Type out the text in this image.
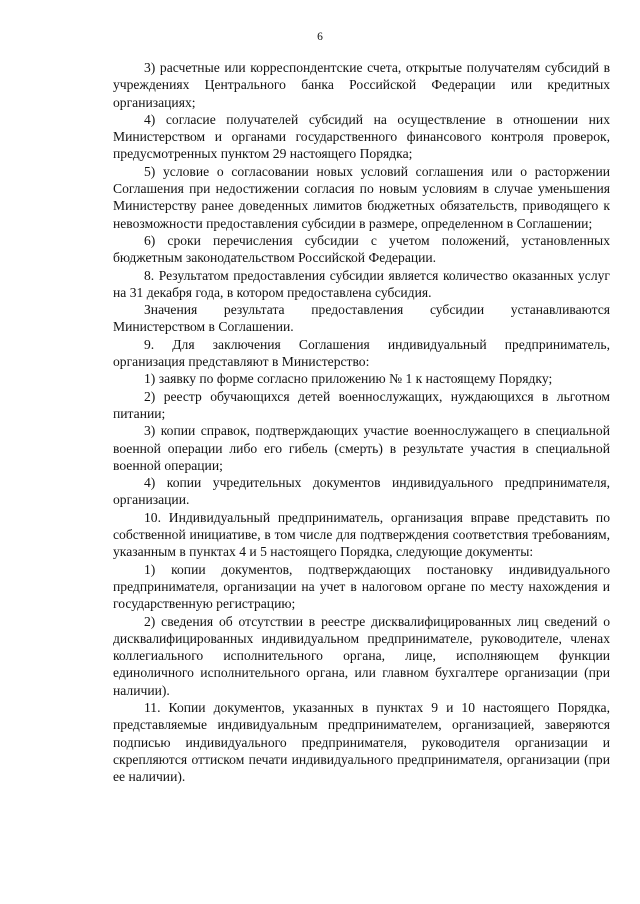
6

3) расчетные или корреспондентские счета, открытые получателям субсидий в учреждениях Центрального банка Российской Федерации или кредитных организациях;

4) согласие получателей субсидий на осуществление в отношении них Министерством и органами государственного финансового контроля проверок, предусмотренных пунктом 29 настоящего Порядка;

5) условие о согласовании новых условий соглашения или о расторжении Соглашения при недостижении согласия по новым условиям в случае уменьшения Министерству ранее доведенных лимитов бюджетных обязательств, приводящего к невозможности предоставления субсидии в размере, определенном в Соглашении;

6) сроки перечисления субсидии с учетом положений, установленных бюджетным законодательством Российской Федерации.

8. Результатом предоставления субсидии является количество оказанных услуг на 31 декабря года, в котором предоставлена субсидия.

Значения результата предоставления субсидии устанавливаются Министерством в Соглашении.

9. Для заключения Соглашения индивидуальный предприниматель, организация представляют в Министерство:

1) заявку по форме согласно приложению № 1 к настоящему Порядку;

2) реестр обучающихся детей военнослужащих, нуждающихся в льготном питании;

3) копии справок, подтверждающих участие военнослужащего в специальной военной операции либо его гибель (смерть) в результате участия в специальной военной операции;

4) копии учредительных документов индивидуального предпринимателя, организации.

10. Индивидуальный предприниматель, организация вправе представить по собственной инициативе, в том числе для подтверждения соответствия требованиям, указанным в пунктах 4 и 5 настоящего Порядка, следующие документы:

1) копии документов, подтверждающих постановку индивидуального предпринимателя, организации на учет в налоговом органе по месту нахождения и государственную регистрацию;

2) сведения об отсутствии в реестре дисквалифицированных лиц сведений о дисквалифицированных индивидуальном предпринимателе, руководителе, членах коллегиального исполнительного органа, лице, исполняющем функции единоличного исполнительного органа, или главном бухгалтере организации (при наличии).

11. Копии документов, указанных в пунктах 9 и 10 настоящего Порядка, представляемые индивидуальным предпринимателем, организацией, заверяются подписью индивидуального предпринимателя, руководителя организации и скрепляются оттиском печати индивидуального предпринимателя, организации (при ее наличии).
